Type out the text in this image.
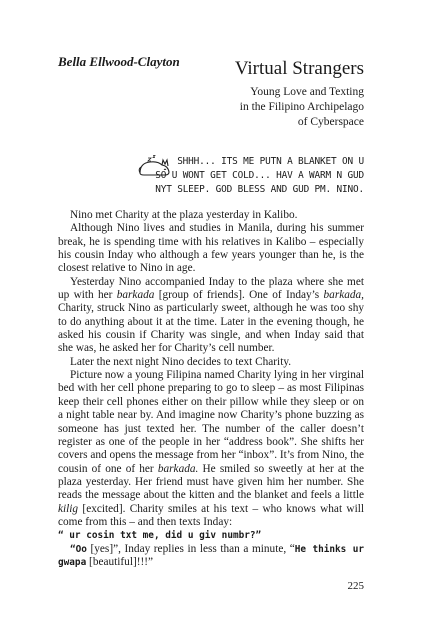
Bella Ellwood-Clayton	Virtual Strangers
Young Love and Texting
in the Filipino Archipelago
of Cyberspace
SHHH... ITS ME PUTN A BLANKET ON U
SO U WONT GET COLD... HAV A WARM N GUD
NYT SLEEP. GOD BLESS AND GUD PM. NINO.

Nino met Charity at the plaza yesterday in Kalibo.

Although Nino lives and studies in Manila, during his summer break, he is spending time with his relatives in Kalibo – especially his cousin Inday who although a few years younger than he, is the closest relative to Nino in age.

Yesterday Nino accompanied Inday to the plaza where she met up with her barkada [group of friends]. One of Inday’s barkada, Charity, struck Nino as particularly sweet, although he was too shy to do anything about it at the time. Later in the evening though, he asked his cousin if Charity was single, and when Inday said that she was, he asked her for Charity’s cell number.

Later the next night Nino decides to text Charity.

Picture now a young Filipina named Charity lying in her virginal bed with her cell phone preparing to go to sleep – as most Filipinas keep their cell phones either on their pillow while they sleep or on a night table near by. And imagine now Charity’s phone buzzing as someone has just texted her. The number of the caller doesn’t register as one of the people in her “address book”. She shifts her covers and opens the message from her “inbox”. It’s from Nino, the cousin of one of her barkada. He smiled so sweetly at her at the plaza yesterday. Her friend must have given him her number. She reads the message about the kitten and the blanket and feels a little kilig [excited]. Charity smiles at his text – who knows what will come from this – and then texts Inday:
“ ur cosin txt me, did u giv numbr?”

“Oo [yes]”, Inday replies in less than a minute, “He thinks ur gwapa [beautiful]!!!”

225
